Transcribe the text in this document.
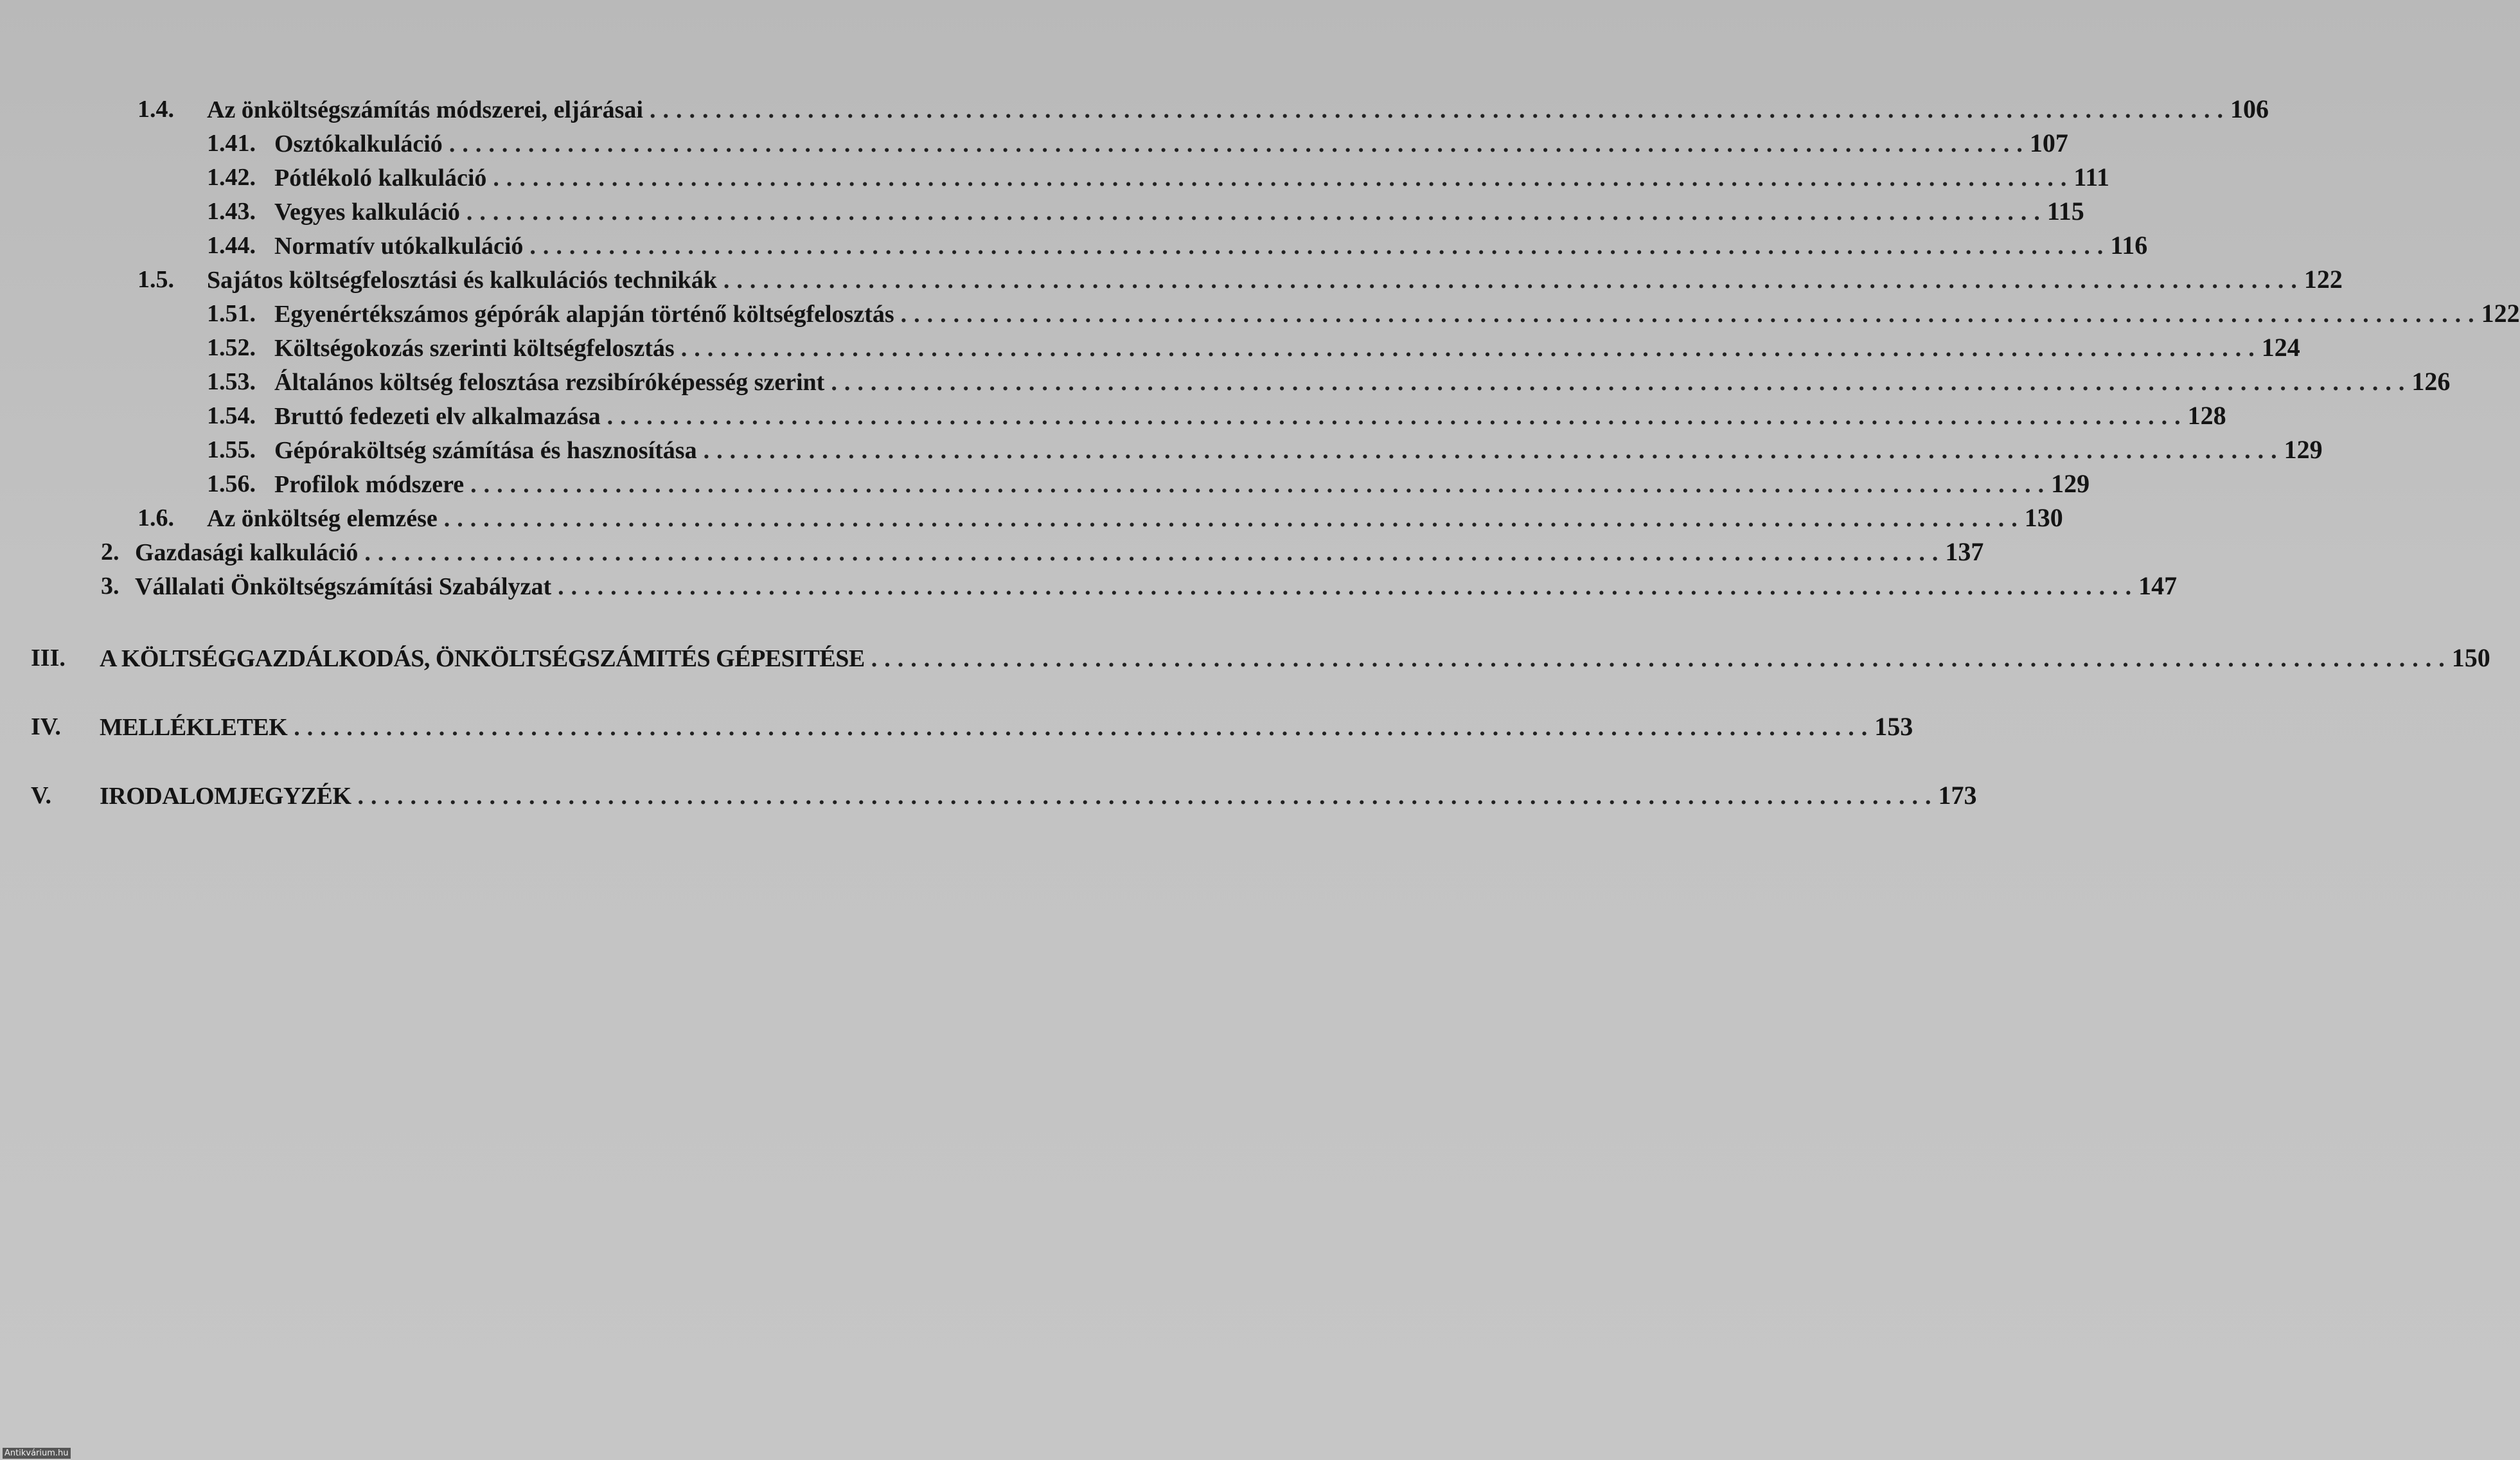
1.4. Az önköltségszámítás módszerei, eljárásai ........................................................................................................................ 106
1.41. Osztókalkuláció ........................................................................................................................ 107
1.42. Pótlékoló kalkuláció ........................................................................................................................ 111
1.43. Vegyes kalkuláció ........................................................................................................................ 115
1.44. Normatív utókalkuláció ........................................................................................................................ 116
1.5. Sajátos költségfelosztási és kalkulációs technikák ........................................................................................................................ 122
1.51. Egyenértékszámos gépórák alapján történő költségfelosztás ........................................................................................................................ 122
1.52. Költségokozás szerinti költségfelosztás ........................................................................................................................ 124
1.53. Általános költség felosztása rezsibíróképesség szerint ........................................................................................................................ 126
1.54. Bruttó fedezeti elv alkalmazása ........................................................................................................................ 128
1.55. Gépóraköltség számítása és hasznosítása ........................................................................................................................ 129
1.56. Profilok módszere ........................................................................................................................ 129
1.6. Az önköltség elemzése ........................................................................................................................ 130
2. Gazdasági kalkuláció ........................................................................................................................ 137
3. Vállalati Önköltségszámítási Szabályzat ........................................................................................................................ 147
III. A KÖLTSÉGGAZDÁLKODÁS, ÖNKÖLTSÉGSZÁMITÉS GÉPESITÉSE ........................................................................................................................ 150
IV. MELLÉKLETEK ........................................................................................................................ 153
V. IRODALOMJEGYZÉK ........................................................................................................................ 173
Antikvárium.hu
